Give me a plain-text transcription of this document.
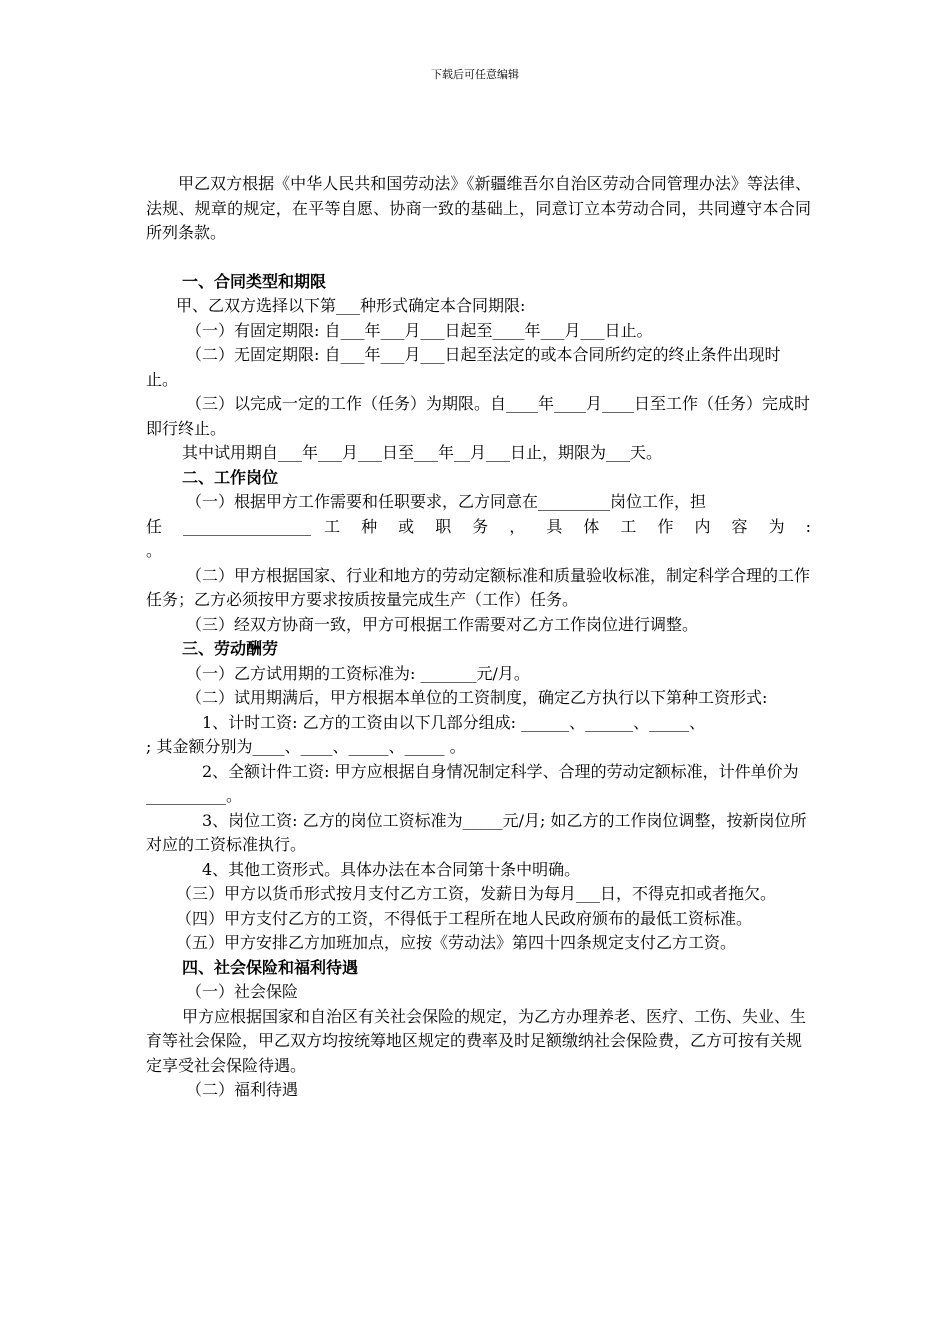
下载后可任意编辑

甲乙双方根据《中华人民共和国劳动法》《新疆维吾尔自治区劳动合同管理办法》等法律、法规、规章的规定，在平等自愿、协商一致的基础上，同意订立本劳动合同，共同遵守本合同所列条款。

一、合同类型和期限

甲、乙双方选择以下第___种形式确定本合同期限:

（一）有固定期限: 自___年___月___日起至____年___月___日止。

（二）无固定期限: 自___年___月___日起至法定的或本合同所约定的终止条件出现时止。

（三）以完成一定的工作（任务）为期限。自____年____月____日至工作（任务）完成时即行终止。

其中试用期自___年___月___日至___年__月___日止，期限为___天。

二、工作岗位

（一）根据甲方工作需要和任职要求，乙方同意在_________岗位工作，担

任 ________________ 工 种 或 职 务 ， 具 体 工 作 内 容 为 :

。

（二）甲方根据国家、行业和地方的劳动定额标准和质量验收标准，制定科学合理的工作任务；乙方必须按甲方要求按质按量完成生产（工作）任务。

（三）经双方协商一致，甲方可根据工作需要对乙方工作岗位进行调整。

三、劳动酬劳

（一）乙方试用期的工资标准为: _______元/月。

（二）试用期满后，甲方根据本单位的工资制度，确定乙方执行以下第种工资形式:

1、计时工资: 乙方的工资由以下几部分组成: ______、______、_____、

; 其金额分别为____、____、_____、_____ 。

2、全额计件工资: 甲方应根据自身情况制定科学、合理的劳动定额标准，计件单价为__________。

3、岗位工资: 乙方的岗位工资标准为_____元/月; 如乙方的工作岗位调整，按新岗位所对应的工资标准执行。

4、其他工资形式。具体办法在本合同第十条中明确。

（三）甲方以货币形式按月支付乙方工资，发薪日为每月___日，不得克扣或者拖欠。

（四）甲方支付乙方的工资，不得低于工程所在地人民政府颁布的最低工资标准。

（五）甲方安排乙方加班加点，应按《劳动法》第四十四条规定支付乙方工资。

四、社会保险和福利待遇

（一）社会保险

甲方应根据国家和自治区有关社会保险的规定，为乙方办理养老、医疗、工伤、失业、生育等社会保险，甲乙双方均按统筹地区规定的费率及时足额缴纳社会保险费，乙方可按有关规定享受社会保险待遇。

（二）福利待遇
